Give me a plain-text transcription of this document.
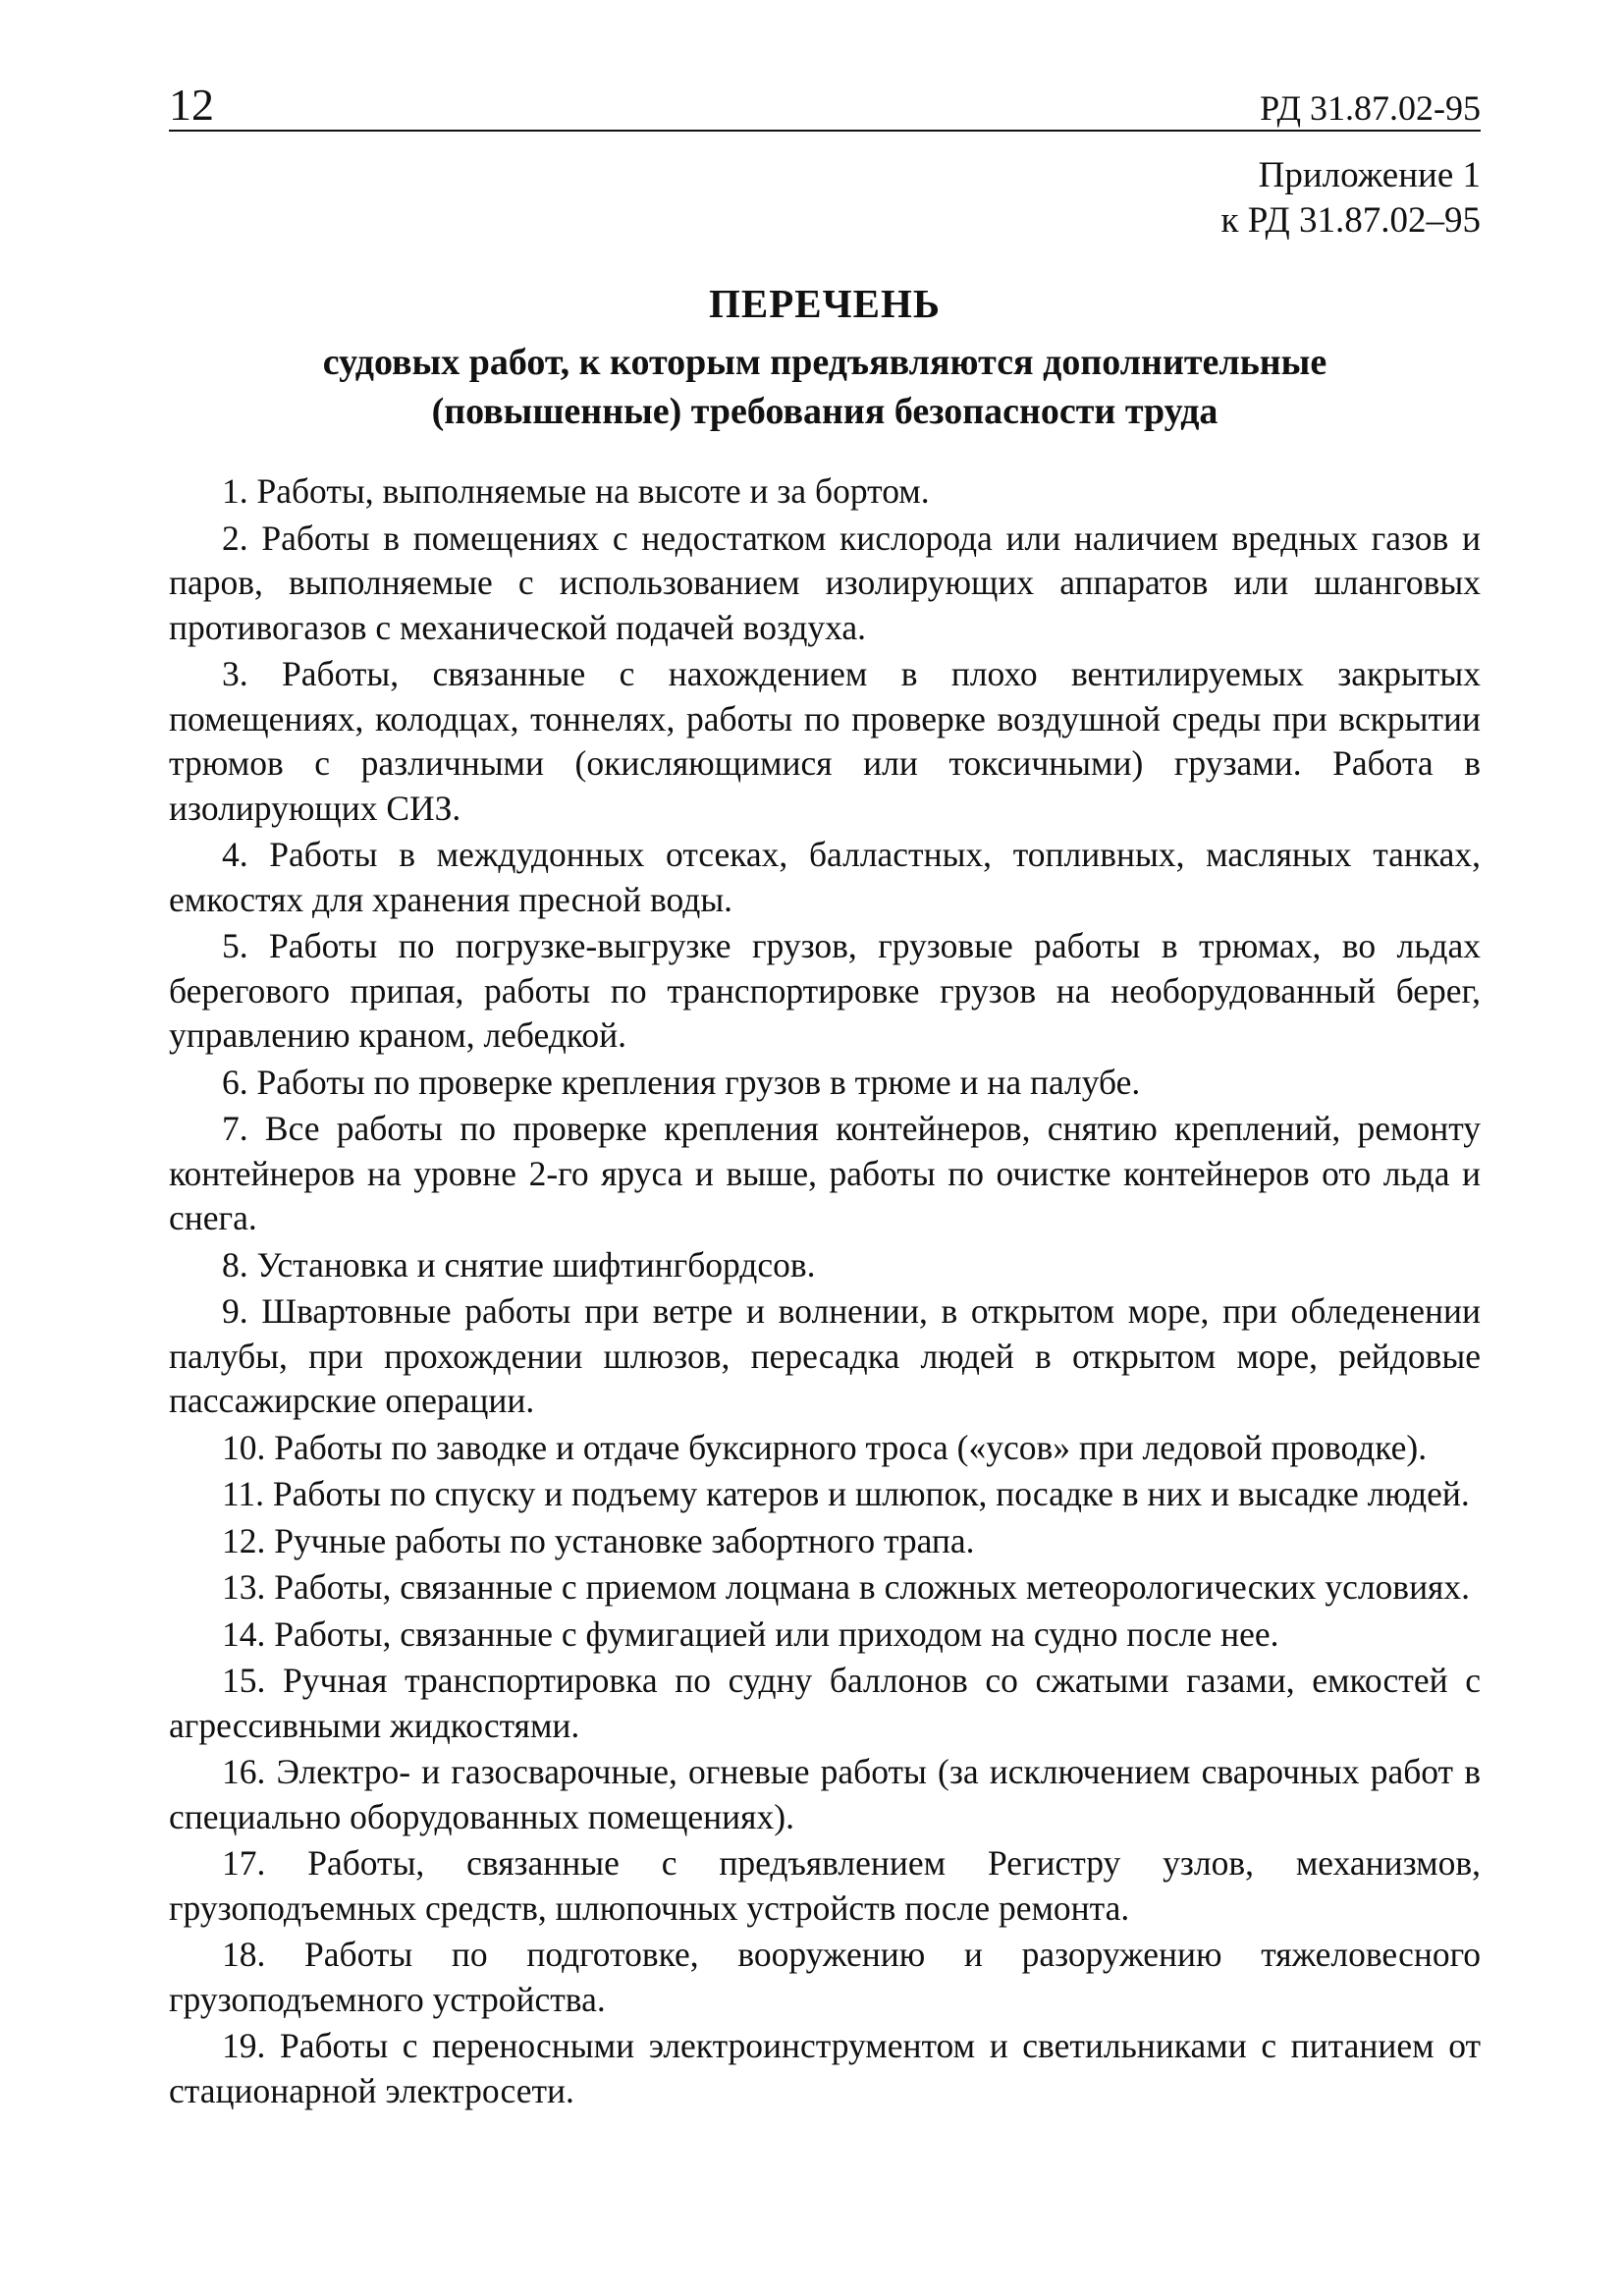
12	РД 31.87.02-95
Приложение 1
к РД 31.87.02–95
ПЕРЕЧЕНЬ
судовых работ, к которым предъявляются дополнительные
(повышенные) требования безопасности труда

1. Работы, выполняемые на высоте и за бортом.

2. Работы в помещениях с недостатком кислорода или наличием вредных газов и паров, выполняемые с использованием изолирующих аппаратов или шланговых противогазов с механической подачей воздуха.

3. Работы, связанные с нахождением в плохо вентилируемых закрытых помещениях, колодцах, тоннелях, работы по проверке воздушной среды при вскрытии трюмов с различными (окисляющимися или токсичными) грузами. Работа в изолирующих СИЗ.

4. Работы в междудонных отсеках, балластных, топливных, масляных танках, емкостях для хранения пресной воды.

5. Работы по погрузке-выгрузке грузов, грузовые работы в трюмах, во льдах берегового припая, работы по транспортировке грузов на необорудованный берег, управлению краном, лебедкой.

6. Работы по проверке крепления грузов в трюме и на палубе.

7. Все работы по проверке крепления контейнеров, снятию креплений, ремонту контейнеров на уровне 2-го яруса и выше, работы по очистке контейнеров ото льда и снега.

8. Установка и снятие шифтингбордсов.

9. Швартовные работы при ветре и волнении, в открытом море, при обледенении палубы, при прохождении шлюзов, пересадка людей в открытом море, рейдовые пассажирские операции.

10. Работы по заводке и отдаче буксирного троса («усов» при ледовой проводке).

11. Работы по спуску и подъему катеров и шлюпок, посадке в них и высадке людей.

12. Ручные работы по установке забортного трапа.

13. Работы, связанные с приемом лоцмана в сложных метеорологических условиях.

14. Работы, связанные с фумигацией или приходом на судно после нее.

15. Ручная транспортировка по судну баллонов со сжатыми газами, емкостей с агрессивными жидкостями.

16. Электро- и газосварочные, огневые работы (за исключением сварочных работ в специально оборудованных помещениях).

17. Работы, связанные с предъявлением Регистру узлов, механизмов, грузоподъемных средств, шлюпочных устройств после ремонта.

18. Работы по подготовке, вооружению и разоружению тяжеловесного грузоподъемного устройства.

19. Работы с переносными электроинструментом и светильниками с питанием от стационарной электросети.
